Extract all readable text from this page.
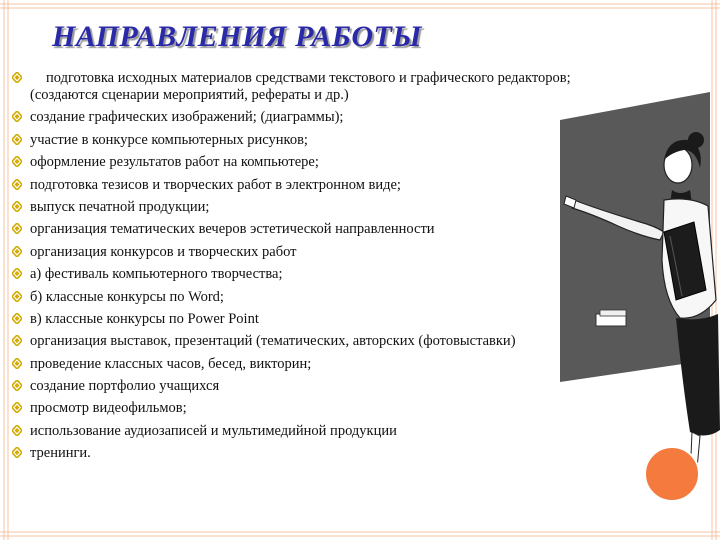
НАПРАВЛЕНИЯ РАБОТЫ
подготовка исходных материалов средствами текстового и графического редакторов; (создаются сценарии мероприятий, рефераты и др.)
создание графических изображений; (диаграммы);
участие в конкурсе компьютерных рисунков;
оформление результатов работ на компьютере;
подготовка тезисов и творческих работ в электронном виде;
выпуск печатной продукции;
организация тематических вечеров эстетической направленности
организация конкурсов и творческих работ
а) фестиваль компьютерного творчества;
б) классные конкурсы по Word;
в) классные конкурсы по Power Point
организация выставок, презентаций (тематических, авторских (фотовыставки)
проведение классных часов, бесед, викторин;
создание портфолио учащихся
просмотр видеофильмов;
использование аудиозаписей и мультимедийной продукции
тренинги.
